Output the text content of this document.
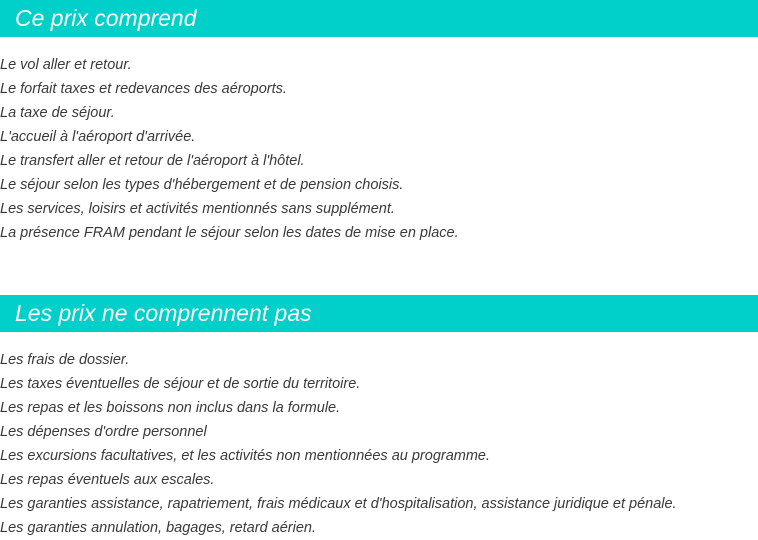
Ce prix comprend
Le vol aller et retour.
Le forfait taxes et redevances des aéroports.
La taxe de séjour.
L'accueil à l'aéroport d'arrivée.
Le transfert aller et retour de l'aéroport à l'hôtel.
Le séjour selon les types d'hébergement et de pension choisis.
Les services, loisirs et activités mentionnés sans supplément.
La présence FRAM pendant le séjour selon les dates de mise en place.
Les prix ne comprennent pas
Les frais de dossier.
Les taxes éventuelles de séjour et de sortie du territoire.
Les repas et les boissons non inclus dans la formule.
Les dépenses d'ordre personnel
Les excursions facultatives, et les activités non mentionnées au programme.
Les repas éventuels aux escales.
Les garanties assistance, rapatriement, frais médicaux et d'hospitalisation, assistance juridique et pénale.
Les garanties annulation, bagages, retard aérien.
